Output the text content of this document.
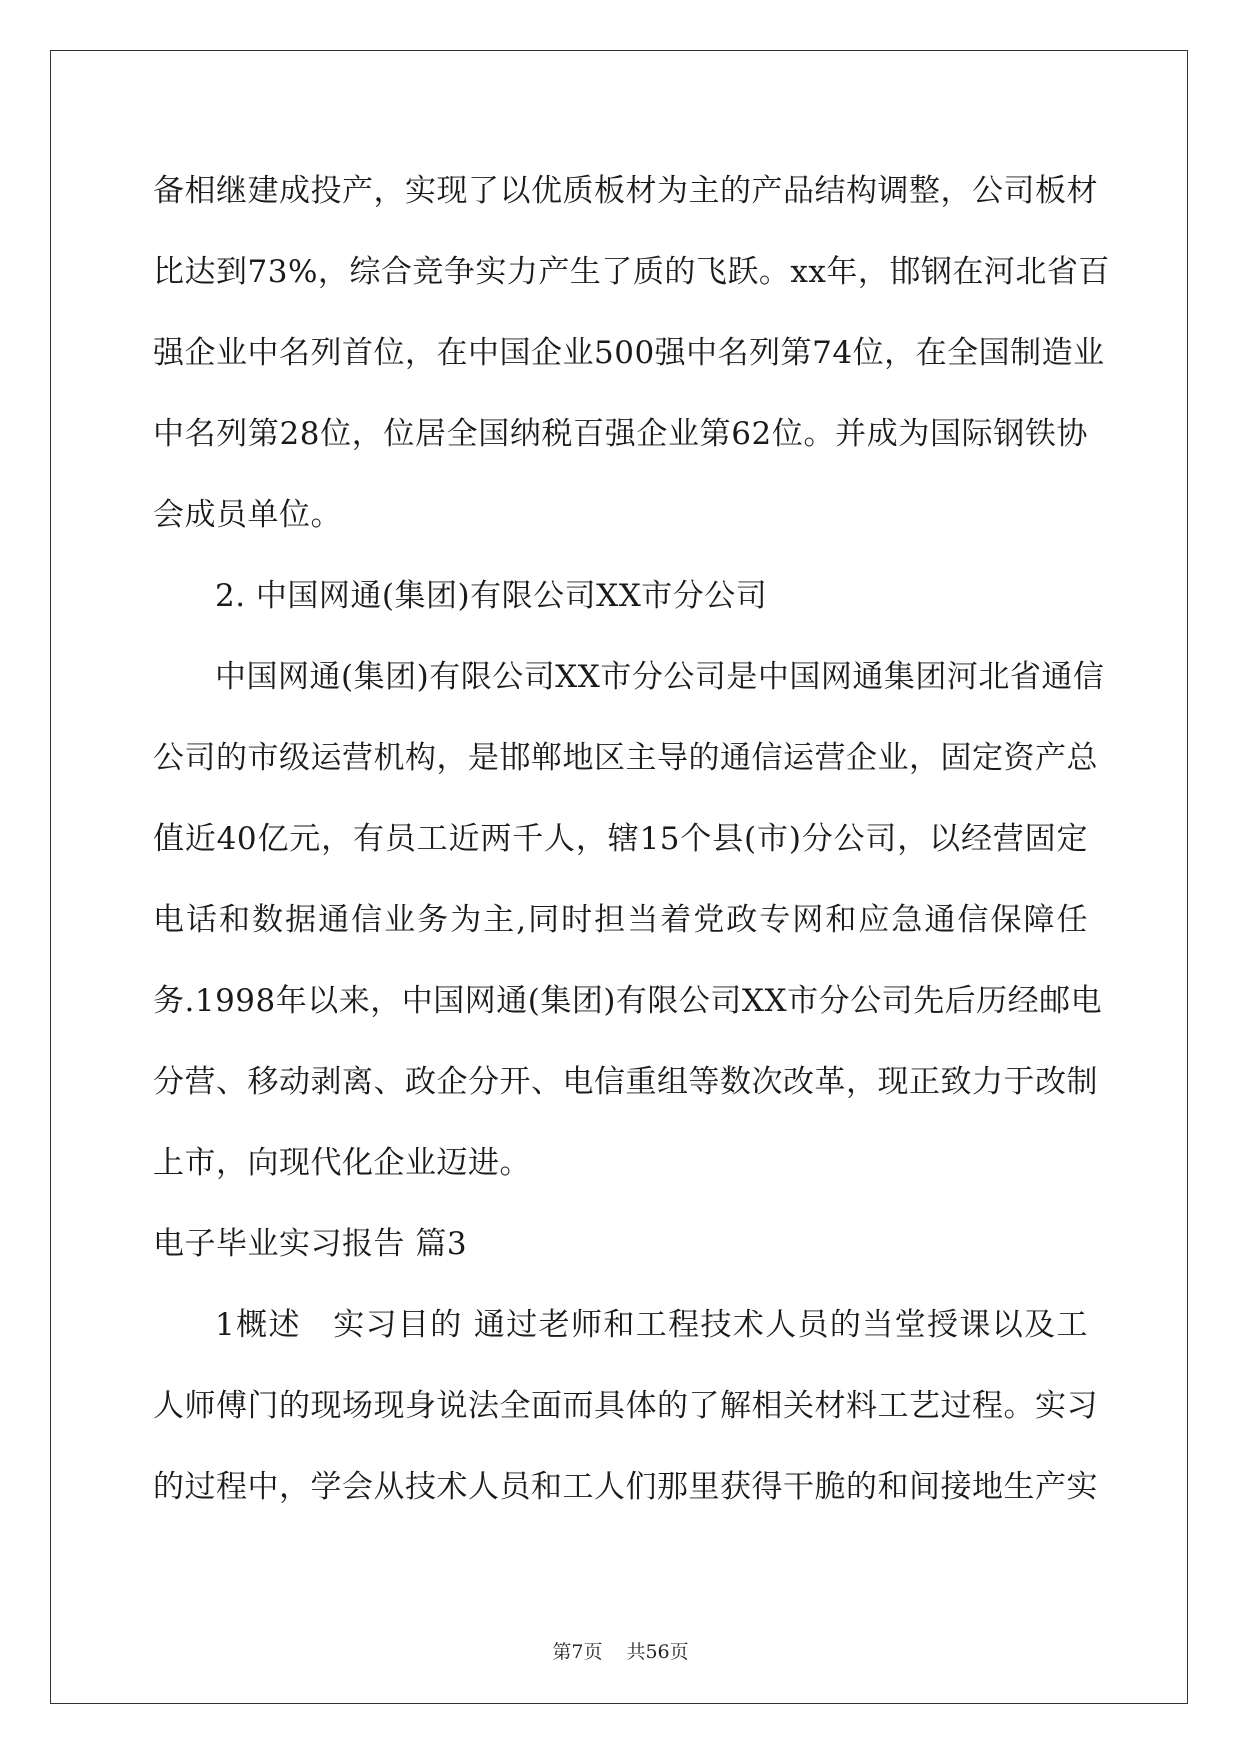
备相继建成投产，实现了以优质板材为主的产品结构调整，公司板材
比达到73%，综合竞争实力产生了质的飞跃。xx年，邯钢在河北省百
强企业中名列首位，在中国企业500强中名列第74位，在全国制造业
中名列第28位，位居全国纳税百强企业第62位。并成为国际钢铁协
会成员单位。
2. 中国网通(集团)有限公司XX市分公司
中国网通(集团)有限公司XX市分公司是中国网通集团河北省通信
公司的市级运营机构，是邯郸地区主导的通信运营企业，固定资产总
值近40亿元，有员工近两千人，辖15个县(市)分公司，以经营固定
电话和数据通信业务为主,同时担当着党政专网和应急通信保障任
务.1998年以来，中国网通(集团)有限公司XX市分公司先后历经邮电
分营、移动剥离、政企分开、电信重组等数次改革，现正致力于改制
上市，向现代化企业迈进。
电子毕业实习报告 篇3
1概述　实习目的 通过老师和工程技术人员的当堂授课以及工
人师傅门的现场现身说法全面而具体的了解相关材料工艺过程。实习
的过程中，学会从技术人员和工人们那里获得干脆的和间接地生产实
第7页 共56页
